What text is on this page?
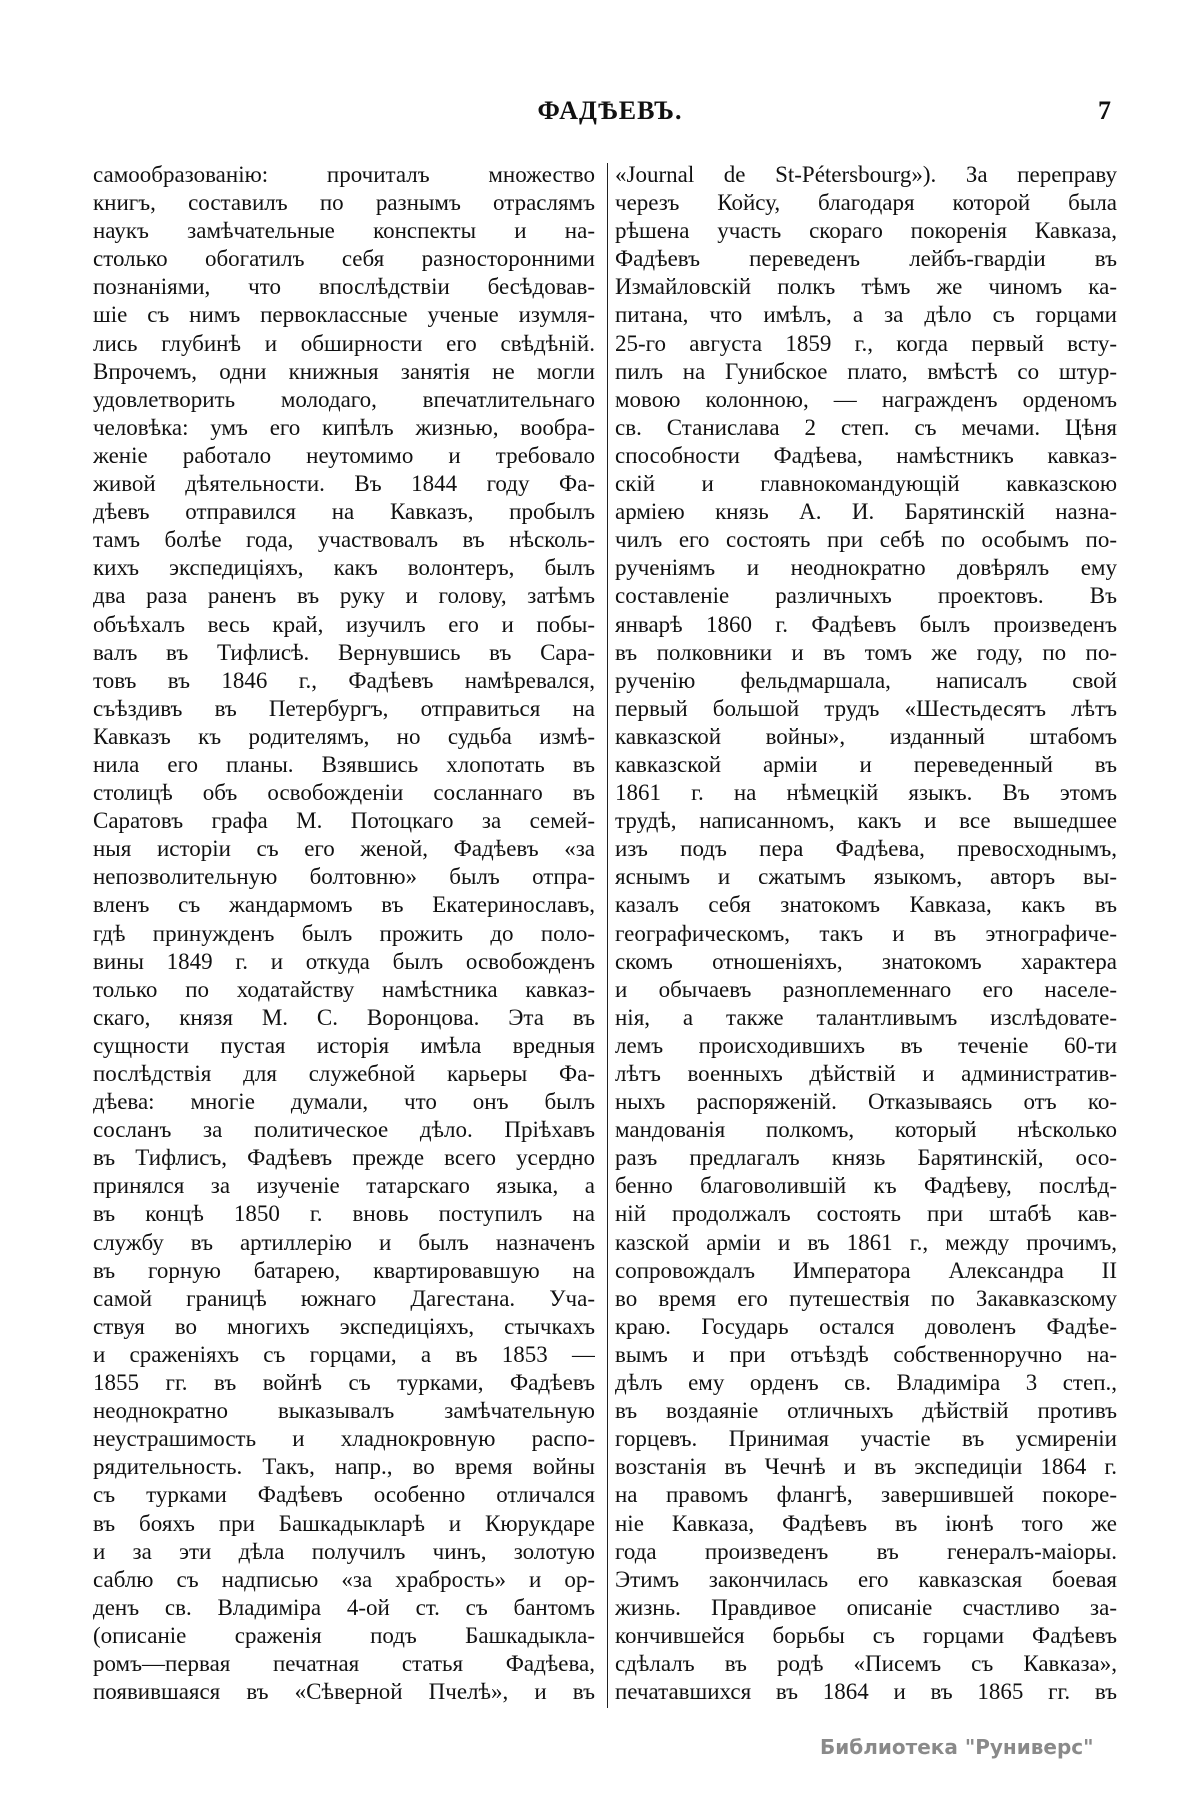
ФАДѢЕВЪ.	7
самообразованію: прочиталъ множество
книгъ, составилъ по разнымъ отраслямъ
наукъ замѣчательные конспекты и на-
столько обогатилъ себя разносторонними
познаніями, что впослѣдствіи бесѣдовав-
шіе съ нимъ первоклассные ученые изумля-
лись глубинѣ и обширности его свѣдѣній.
Впрочемъ, одни книжныя занятія не могли
удовлетворить молодаго, впечатлительнаго
человѣка: умъ его кипѣлъ жизнью, вообра-
женіе работало неутомимо и требовало
живой дѣятельности. Въ 1844 году Фа-
дѣевъ отправился на Кавказъ, пробылъ
тамъ болѣе года, участвовалъ въ нѣсколь-
кихъ экспедиціяхъ, какъ волонтеръ, былъ
два раза раненъ въ руку и голову, затѣмъ
объѣхалъ весь край, изучилъ его и побы-
валъ въ Тифлисѣ. Вернувшись въ Сара-
товъ въ 1846 г., Фадѣевъ намѣревался,
съѣздивъ въ Петербургъ, отправиться на
Кавказъ къ родителямъ, но судьба измѣ-
нила его планы. Взявшись хлопотать въ
столицѣ объ освобожденіи сосланнаго въ
Саратовъ графа М. Потоцкаго за семей-
ныя исторіи съ его женой, Фадѣевъ «за
непозволительную болтовню» былъ отпра-
вленъ съ жандармомъ въ Екатеринославъ,
гдѣ принужденъ былъ прожить до поло-
вины 1849 г. и откуда былъ освобожденъ
только по ходатайству намѣстника кавказ-
скаго, князя М. С. Воронцова. Эта въ
сущности пустая исторія имѣла вредныя
послѣдствія для служебной карьеры Фа-
дѣева: многіе думали, что онъ былъ
сосланъ за политическое дѣло. Пріѣхавъ
въ Тифлисъ, Фадѣевъ прежде всего усердно
принялся за изученіе татарскаго языка, а
въ концѣ 1850 г. вновь поступилъ на
службу въ артиллерію и былъ назначенъ
въ горную батарею, квартировавшую на
самой границѣ южнаго Дагестана. Уча-
ствуя во многихъ экспедиціяхъ, стычкахъ
и сраженіяхъ съ горцами, а въ 1853 —
1855 гг. въ войнѣ съ турками, Фадѣевъ
неоднократно выказывалъ замѣчательную
неустрашимость и хладнокровную распо-
рядительность. Такъ, напр., во время войны
съ турками Фадѣевъ особенно отличался
въ бояхъ при Башкадыкларѣ и Кюрукдаре
и за эти дѣла получилъ чинъ, золотую
саблю съ надписью «за храбрость» и ор-
денъ св. Владиміра 4-ой ст. съ бантомъ
(описаніе сраженія подъ Башкадыкла-
ромъ—первая печатная статья Фадѣева,
появившаяся въ «Сѣверной Пчелѣ», и въ
«Journal de St-Pétersbourg»). За переправу
черезъ Койсу, благодаря которой была
рѣшена участь скораго покоренія Кавказа,
Фадѣевъ переведенъ лейбъ-гвардіи въ
Измайловскій полкъ тѣмъ же чиномъ ка-
питана, что имѣлъ, а за дѣло съ горцами
25-го августа 1859 г., когда первый всту-
пилъ на Гунибское плато, вмѣстѣ со штур-
мовою колонною, — награжденъ орденомъ
св. Станислава 2 степ. съ мечами. Цѣня
способности Фадѣева, намѣстникъ кавказ-
скій и главнокомандующій кавказскою
арміею князь А. И. Барятинскій назна-
чилъ его состоять при себѣ по особымъ по-
рученіямъ и неоднократно довѣрялъ ему
составленіе различныхъ проектовъ. Въ
январѣ 1860 г. Фадѣевъ былъ произведенъ
въ полковники и въ томъ же году, по по-
рученію фельдмаршала, написалъ свой
первый большой трудъ «Шестьдесятъ лѣтъ
кавказской войны», изданный штабомъ
кавказской арміи и переведенный въ
1861 г. на нѣмецкій языкъ. Въ этомъ
трудѣ, написанномъ, какъ и все вышедшее
изъ подъ пера Фадѣева, превосходнымъ,
яснымъ и сжатымъ языкомъ, авторъ вы-
казалъ себя знатокомъ Кавказа, какъ въ
географическомъ, такъ и въ этнографиче-
скомъ отношеніяхъ, знатокомъ характера
и обычаевъ разноплеменнаго его населе-
нія, а также талантливымъ изслѣдовате-
лемъ происходившихъ въ теченіе 60-ти
лѣтъ военныхъ дѣйствій и административ-
ныхъ распоряженій. Отказываясь отъ ко-
мандованія полкомъ, который нѣсколько
разъ предлагалъ князь Барятинскій, осо-
бенно благоволившій къ Фадѣеву, послѣд-
ній продолжалъ состоять при штабѣ кав-
казской арміи и въ 1861 г., между прочимъ,
сопровождалъ Императора Александра II
во время его путешествія по Закавказскому
краю. Государь остался доволенъ Фадѣе-
вымъ и при отъѣздѣ собственноручно на-
дѣлъ ему орденъ св. Владиміра 3 степ.,
въ воздаяніе отличныхъ дѣйствій противъ
горцевъ. Принимая участіе въ усмиреніи
возстанія въ Чечнѣ и въ экспедиціи 1864 г.
на правомъ флангѣ, завершившей покоре-
ніе Кавказа, Фадѣевъ въ іюнѣ того же
года произведенъ въ генералъ-маіоры.
Этимъ закончилась его кавказская боевая
жизнь. Правдивое описаніе счастливо за-
кончившейся борьбы съ горцами Фадѣевъ
сдѣлалъ въ родѣ «Писемъ съ Кавказа»,
печатавшихся въ 1864 и въ 1865 гг. въ
Библиотека "Руниверс"
